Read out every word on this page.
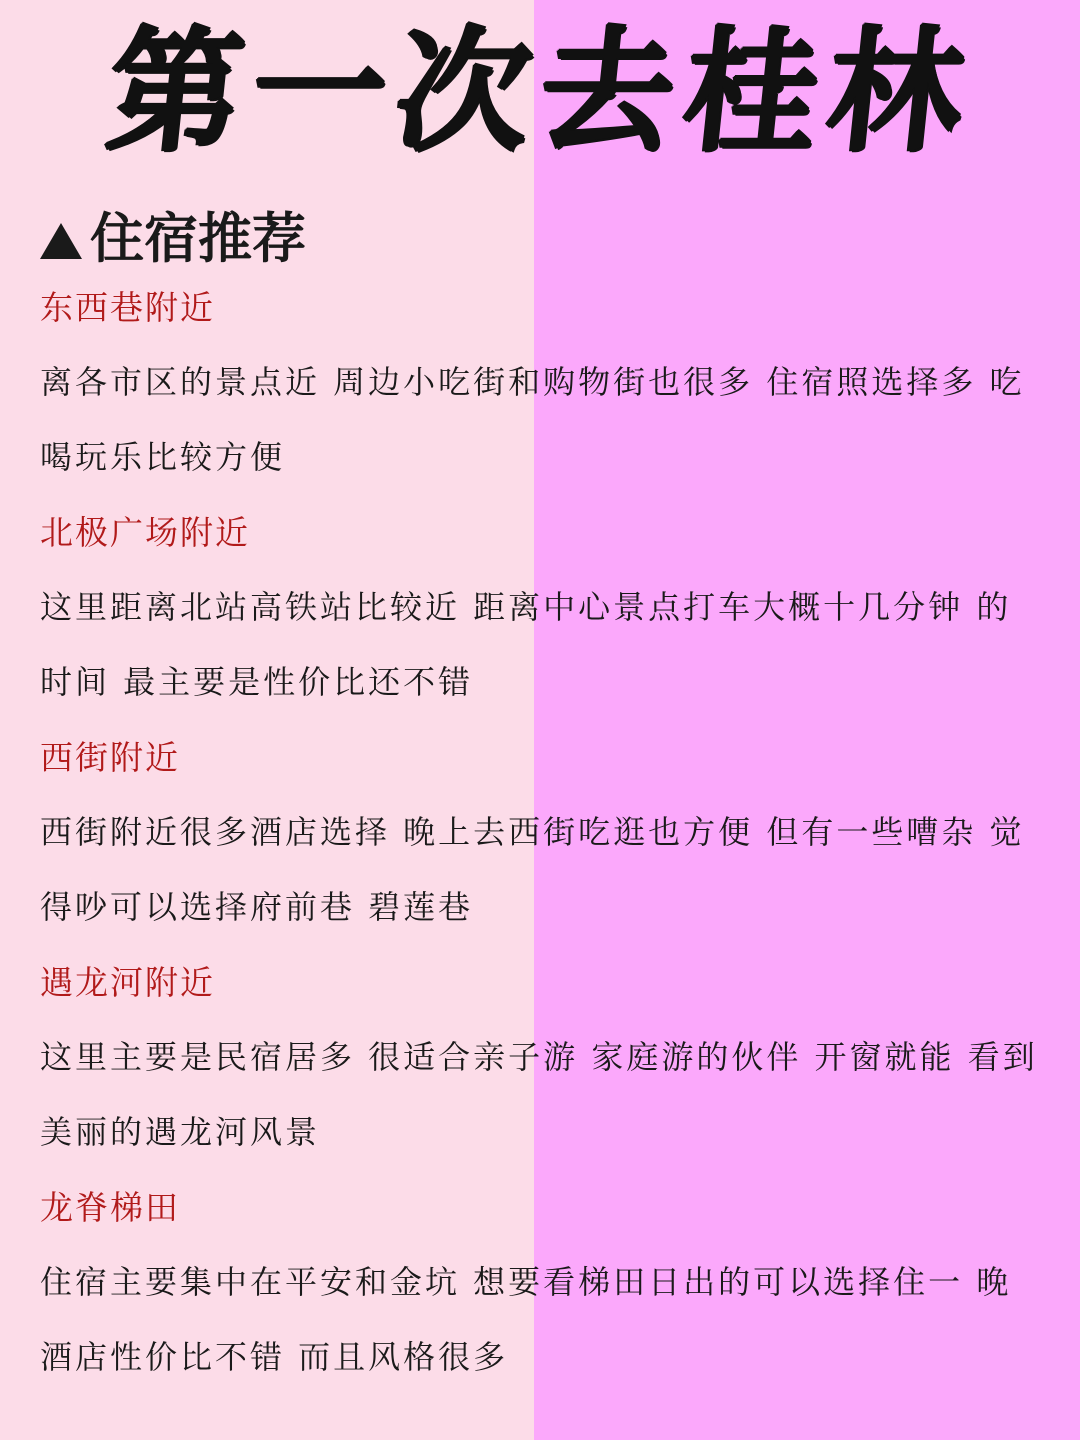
第一次去桂林
住宿推荐
东西巷附近
离各市区的景点近 周边小吃街和购物街也很多 住宿照选择多 吃喝玩乐比较方便
北极广场附近
这里距离北站高铁站比较近 距离中心景点打车大概十几分钟 的时间 最主要是性价比还不错
西街附近
西街附近很多酒店选择 晚上去西街吃逛也方便 但有一些嘈杂 觉得吵可以选择府前巷 碧莲巷
遇龙河附近
这里主要是民宿居多 很适合亲子游 家庭游的伙伴 开窗就能 看到美丽的遇龙河风景
龙脊梯田
住宿主要集中在平安和金坑 想要看梯田日出的可以选择住一 晚 酒店性价比不错 而且风格很多
